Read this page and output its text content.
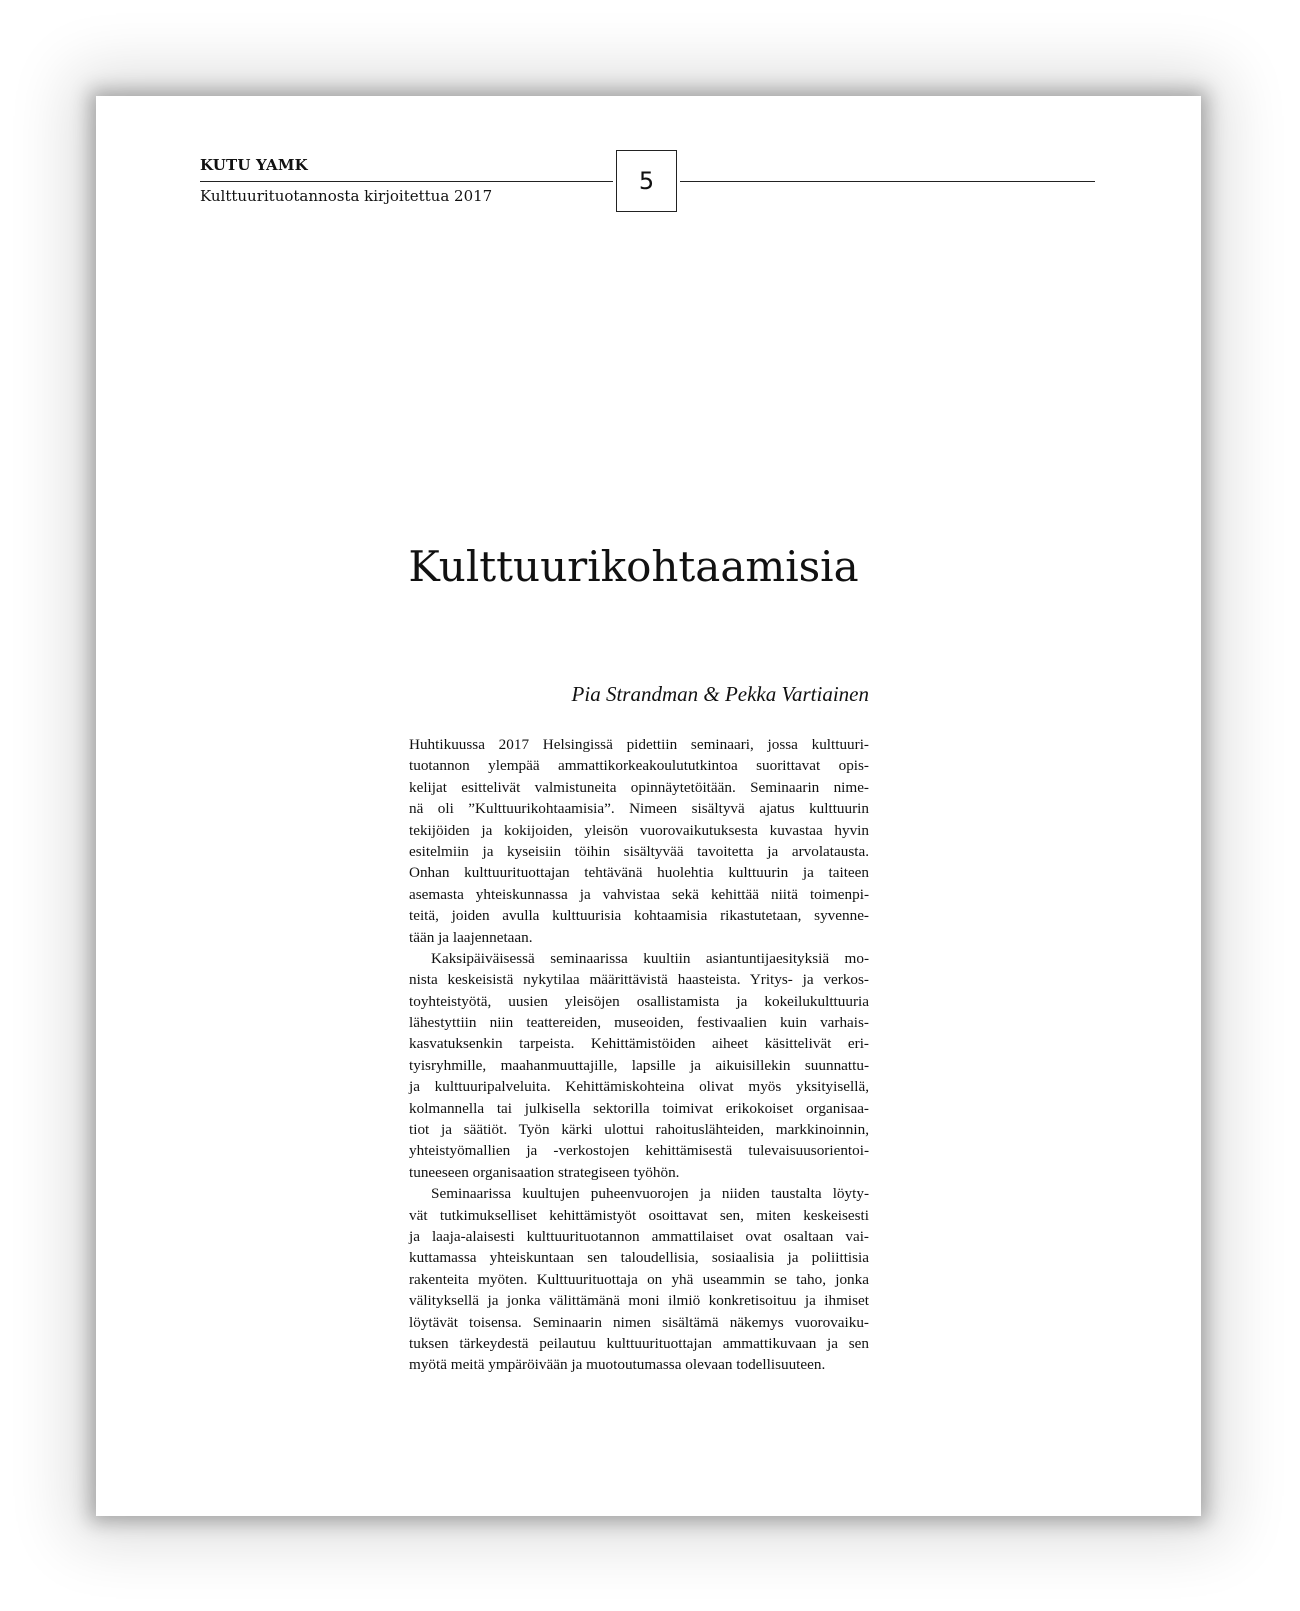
KUTU YAMK
Kulttuurituotannosta kirjoitettua 2017
5
Kulttuurikohtaamisia
Pia Strandman & Pekka Vartiainen
Huhtikuussa 2017 Helsingissä pidettiin seminaari, jossa kulttuuri-
tuotannon ylempää ammattikorkeakoulututkintoa suorittavat opis-
kelijat esittelivät valmistuneita opinnäytetöitään. Seminaarin nime-
nä oli ”Kulttuurikohtaamisia”. Nimeen sisältyvä ajatus kulttuurin
tekijöiden ja kokijoiden, yleisön vuorovaikutuksesta kuvastaa hyvin
esitelmiin ja kyseisiin töihin sisältyvää tavoitetta ja arvolatausta.
Onhan kulttuurituottajan tehtävänä huolehtia kulttuurin ja taiteen
asemasta yhteiskunnassa ja vahvistaa sekä kehittää niitä toimenpi-
teitä, joiden avulla kulttuurisia kohtaamisia rikastutetaan, syvenne-
tään ja laajennetaan.
Kaksipäiväisessä seminaarissa kuultiin asiantuntijaesityksiä mo-
nista keskeisistä nykytilaa määrittävistä haasteista. Yritys- ja verkos-
toyhteistyötä, uusien yleisöjen osallistamista ja kokeilukulttuuria
lähestyttiin niin teattereiden, museoiden, festivaalien kuin varhais-
kasvatuksenkin tarpeista. Kehittämistöiden aiheet käsittelivät eri-
tyisryhmille, maahanmuuttajille, lapsille ja aikuisillekin suunnattu-
ja kulttuuripalveluita. Kehittämiskohteina olivat myös yksityisellä,
kolmannella tai julkisella sektorilla toimivat erikokoiset organisaa-
tiot ja säätiöt. Työn kärki ulottui rahoituslähteiden, markkinoinnin,
yhteistyömallien ja -verkostojen kehittämisestä tulevaisuusorientoi-
tuneeseen organisaation strategiseen työhön.
Seminaarissa kuultujen puheenvuorojen ja niiden taustalta löyty-
vät tutkimukselliset kehittämistyöt osoittavat sen, miten keskeisesti
ja laaja-alaisesti kulttuurituotannon ammattilaiset ovat osaltaan vai-
kuttamassa yhteiskuntaan sen taloudellisia, sosiaalisia ja poliittisia
rakenteita myöten. Kulttuurituottaja on yhä useammin se taho, jonka
välityksellä ja jonka välittämänä moni ilmiö konkretisoituu ja ihmiset
löytävät toisensa. Seminaarin nimen sisältämä näkemys vuorovaiku-
tuksen tärkeydestä peilautuu kulttuurituottajan ammattikuvaan ja sen
myötä meitä ympäröivään ja muotoutumassa olevaan todellisuuteen.
